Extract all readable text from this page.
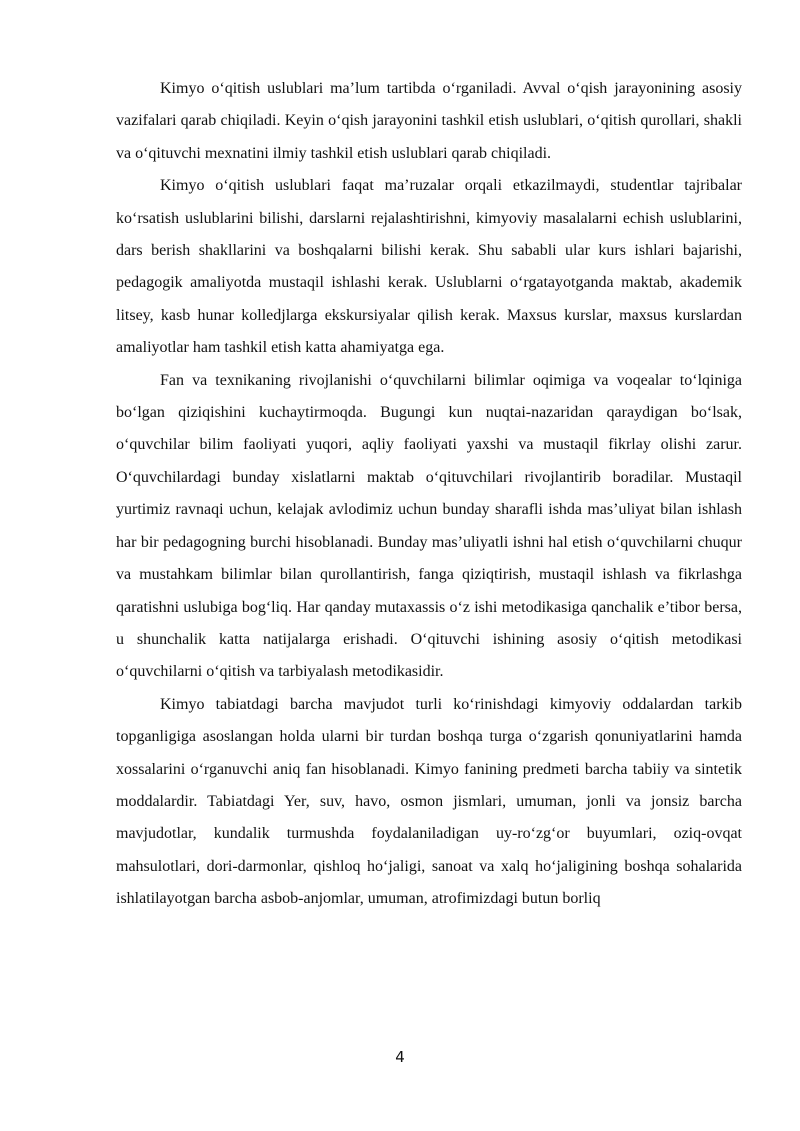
Kimyo o‘qitish uslublari ma’lum tartibda o‘rganiladi. Avval o‘qish jarayonining asosiy vazifalari qarab chiqiladi. Keyin o‘qish jarayonini tashkil etish uslublari, o‘qitish qurollari, shakli va o‘qituvchi mexnatini ilmiy tashkil etish uslublari qarab chiqiladi.

Kimyo o‘qitish uslublari faqat ma’ruzalar orqali etkazilmaydi, studentlar tajribalar ko‘rsatish uslublarini bilishi, darslarni rejalashtirishni, kimyoviy masalalarni echish uslublarini, dars berish shakllarini va boshqalarni bilishi kerak. Shu sababli ular kurs ishlari bajarishi, pedagogik amaliyotda mustaqil ishlashi kerak. Uslublarni o‘rgatayotganda maktab, akademik litsey, kasb hunar kolledjlarga ekskursiyalar qilish kerak. Maxsus kurslar, maxsus kurslardan amaliyotlar ham tashkil etish katta ahamiyatga ega.

Fan va texnikaning rivojlanishi o‘quvchilarni bilimlar oqimiga va voqealar to‘lqiniga bo‘lgan qiziqishini kuchaytirmoqda. Bugungi kun nuqtai-nazaridan qaraydigan bo‘lsak, o‘quvchilar bilim faoliyati yuqori, aqliy faoliyati yaxshi va mustaqil fikrlay olishi zarur. O‘quvchilardagi bunday xislatlarni maktab o‘qituvchilari rivojlantirib boradilar. Mustaqil yurtimiz ravnaqi uchun, kelajak avlodimiz uchun bunday sharafli ishda mas’uliyat bilan ishlash har bir pedagogning burchi hisoblanadi. Bunday mas’uliyatli ishni hal etish o‘quvchilarni chuqur va mustahkam bilimlar bilan qurollantirish, fanga qiziqtirish, mustaqil ishlash va fikrlashga qaratishni uslubiga bog‘liq. Har qanday mutaxassis o‘z ishi metodikasiga qanchalik e’tibor bersa, u shunchalik katta natijalarga erishadi. O‘qituvchi ishining asosiy o‘qitish metodikasi o‘quvchilarni o‘qitish va tarbiyalash metodikasidir.

Kimyo tabiatdagi barcha mavjudot turli ko‘rinishdagi kimyoviy oddalardan tarkib topganligiga asoslangan holda ularni bir turdan boshqa turga o‘zgarish qonuniyatlarini hamda xossalarini o‘rganuvchi aniq fan hisoblanadi. Kimyo fanining predmeti barcha tabiiy va sintetik moddalardir. Tabiatdagi Yer, suv, havo, osmon jismlari, umuman, jonli va jonsiz barcha mavjudotlar, kundalik turmushda foydalaniladigan uy-ro‘zg‘or buyumlari, oziq-ovqat mahsulotlari, dori-darmonlar, qishloq ho‘jaligi, sanoat va xalq ho‘jaligining boshqa sohalarida ishlatilayotgan barcha asbob-anjomlar, umuman, atrofimizdagi butun borliq

4
